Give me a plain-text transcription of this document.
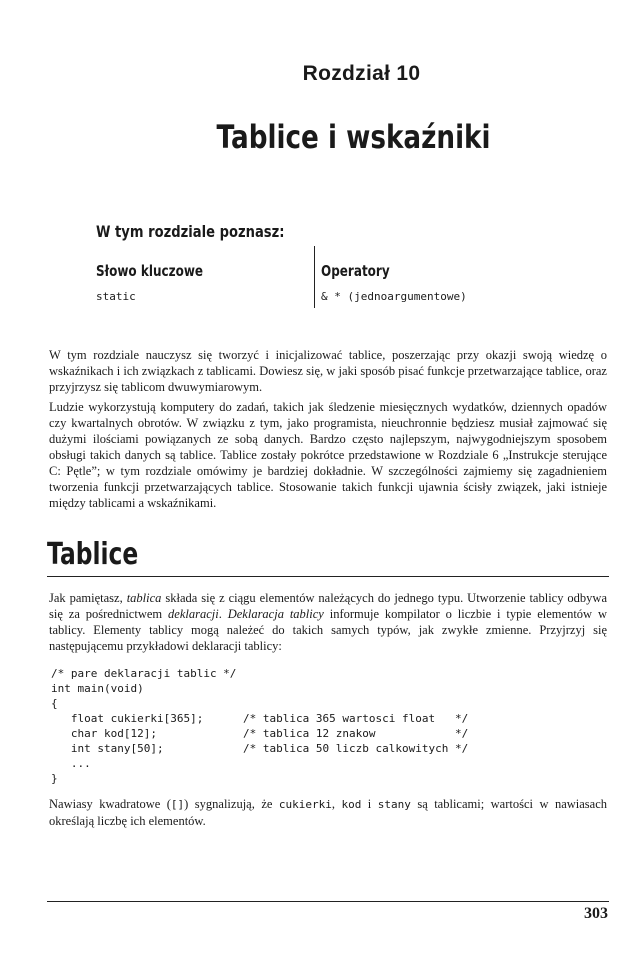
Rozdział 10
Tablice i wskaźniki
W tym rozdziale poznasz:
Słowo kluczowe
static
Operatory
& * (jednoargumentowe)

W tym rozdziale nauczysz się tworzyć i inicjalizować tablice, poszerzając przy okazji swoją wiedzę o wskaźnikach i ich związkach z tablicami. Dowiesz się, w jaki sposób pisać funkcje przetwarzające tablice, oraz przyjrzysz się tablicom dwuwymiarowym.

Ludzie wykorzystują komputery do zadań, takich jak śledzenie miesięcznych wydatków, dziennych opadów czy kwartalnych obrotów. W związku z tym, jako programista, nieuchronnie będziesz musiał zajmować się dużymi ilościami powiązanych ze sobą danych. Bardzo często najlepszym, najwygodniejszym sposobem obsługi takich danych są tablice. Tablice zostały pokrótce przedstawione w Rozdziale 6 „Instrukcje sterujące C: Pętle”; w tym rozdziale omówimy je bardziej dokładnie. W szczególności zajmiemy się zagadnieniem tworzenia funkcji przetwarzających tablice. Stosowanie takich funkcji ujawnia ścisły związek, jaki istnieje między tablicami a wskaźnikami.

Tablice

Jak pamiętasz, tablica składa się z ciągu elementów należących do jednego typu. Utworzenie tablicy odbywa się za pośrednictwem deklaracji. Deklaracja tablicy informuje kompilator o liczbie i typie elementów w tablicy. Elementy tablicy mogą należeć do takich samych typów, jak zwykłe zmienne. Przyjrzyj się następującemu przykładowi deklaracji tablicy:

/* pare deklaracji tablic */
int main(void)
{
float cukierki[365];      /* tablica 365 wartosci float   */
char kod[12];             /* tablica 12 znakow            */
int stany[50];            /* tablica 50 liczb calkowitych */
...
}

Nawiasy kwadratowe ([]) sygnalizują, że cukierki, kod i stany są tablicami; wartości w nawiasach określają liczbę ich elementów.

303
